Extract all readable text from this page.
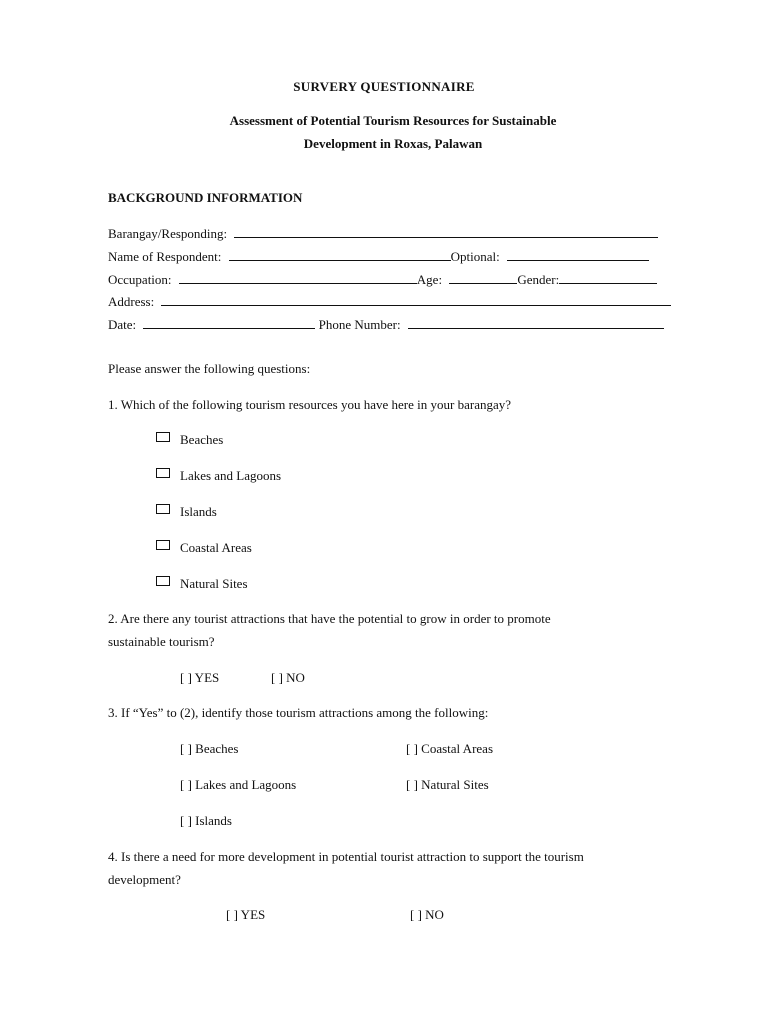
SURVERY QUESTIONNAIRE
Assessment of Potential Tourism Resources for Sustainable
Development in Roxas, Palawan
BACKGROUND INFORMATION
Barangay/Responding:
Name of Respondent:	Optional:
Occupation:	Age:	Gender:
Address:
Date:	Phone Number:
Please answer the following questions:
1. Which of the following tourism resources you have here in your barangay?
Beaches
Lakes and Lagoons
Islands
Coastal Areas
Natural Sites
2. Are there any tourist attractions that have the potential to grow in order to promote
sustainable tourism?
[ ] YES	[ ] NO
3. If “Yes” to (2), identify those tourism attractions among the following:
[ ] Beaches	[ ] Coastal Areas
[ ] Lakes and Lagoons	[ ] Natural Sites
[ ] Islands
4. Is there a need for more development in potential tourist attraction to support the tourism
development?
[ ] YES	[ ] NO
